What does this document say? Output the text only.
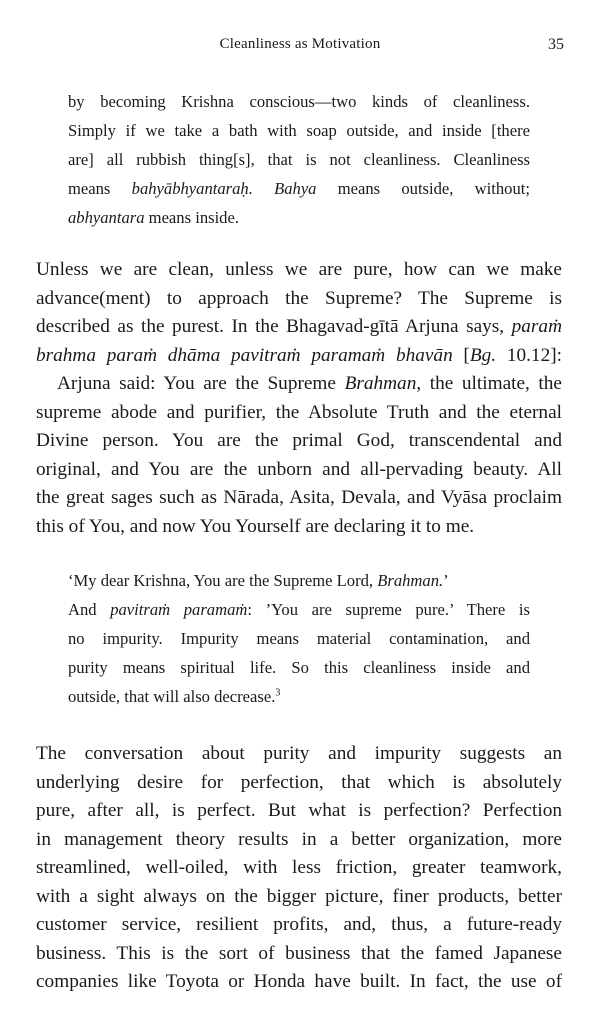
Cleanliness as Motivation	35
by becoming Krishna conscious—two kinds of cleanliness.
Simply if we take a bath with soap outside, and inside [there
are] all rubbish thing[s], that is not cleanliness. Cleanliness
means bahyābhyantaraḥ. Bahya means outside, without;
abhyantara means inside.
Unless we are clean, unless we are pure, how can we make
advance(ment) to approach the Supreme? The Supreme is
described as the purest. In the Bhagavad-gītā Arjuna says, paraṁ
brahma paraṁ dhāma pavitraṁ paramaṁ bhavān [Bg. 10.12]:
Arjuna said: You are the Supreme Brahman, the ultimate, the
supreme abode and purifier, the Absolute Truth and the eternal
Divine person. You are the primal God, transcendental and
original, and You are the unborn and all-pervading beauty. All
the great sages such as Nārada, Asita, Devala, and Vyāsa proclaim
this of You, and now You Yourself are declaring it to me.
‘My dear Krishna, You are the Supreme Lord, Brahman.’
And pavitraṁ paramaṁ: ’You are supreme pure.’ There is
no impurity. Impurity means material contamination, and
purity means spiritual life. So this cleanliness inside and
outside, that will also decrease.$^3$
The conversation about purity and impurity suggests an
underlying desire for perfection, that which is absolutely
pure, after all, is perfect. But what is perfection? Perfection
in management theory results in a better organization, more
streamlined, well-oiled, with less friction, greater teamwork,
with a sight always on the bigger picture, finer products, better
customer service, resilient profits, and, thus, a future-ready
business. This is the sort of business that the famed Japanese
companies like Toyota or Honda have built. In fact, the use of
